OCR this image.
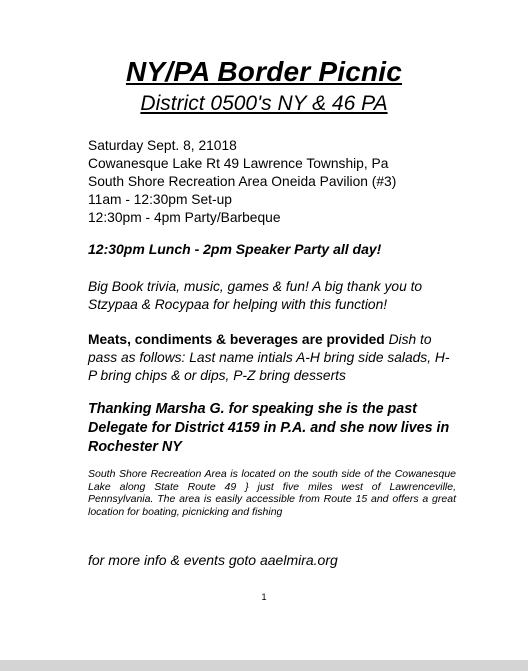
NY/PA Border Picnic
District 0500's NY & 46 PA
Saturday Sept. 8, 21018
Cowanesque Lake Rt 49 Lawrence Township, Pa
South Shore Recreation Area Oneida Pavilion (#3)
11am - 12:30pm Set-up
12:30pm - 4pm Party/Barbeque
12:30pm Lunch - 2pm Speaker Party all day!
Big Book trivia, music, games & fun! A big thank you to Stzypaa & Rocypaa for helping with this function!
Meats, condiments & beverages are provided Dish to pass as follows: Last name intials A-H bring side salads, H-P bring chips & or dips, P-Z bring desserts
Thanking Marsha G. for speaking she is the past Delegate for District 4159 in P.A. and she now lives in Rochester NY
South Shore Recreation Area is located on the south side of the Cowanesque Lake along State Route 49 } just five miles west of Lawrenceville, Pennsylvania. The area is easily accessible from Route 15 and offers a great location for boating, picnicking and fishing
for more info & events goto aaelmira.org
1
